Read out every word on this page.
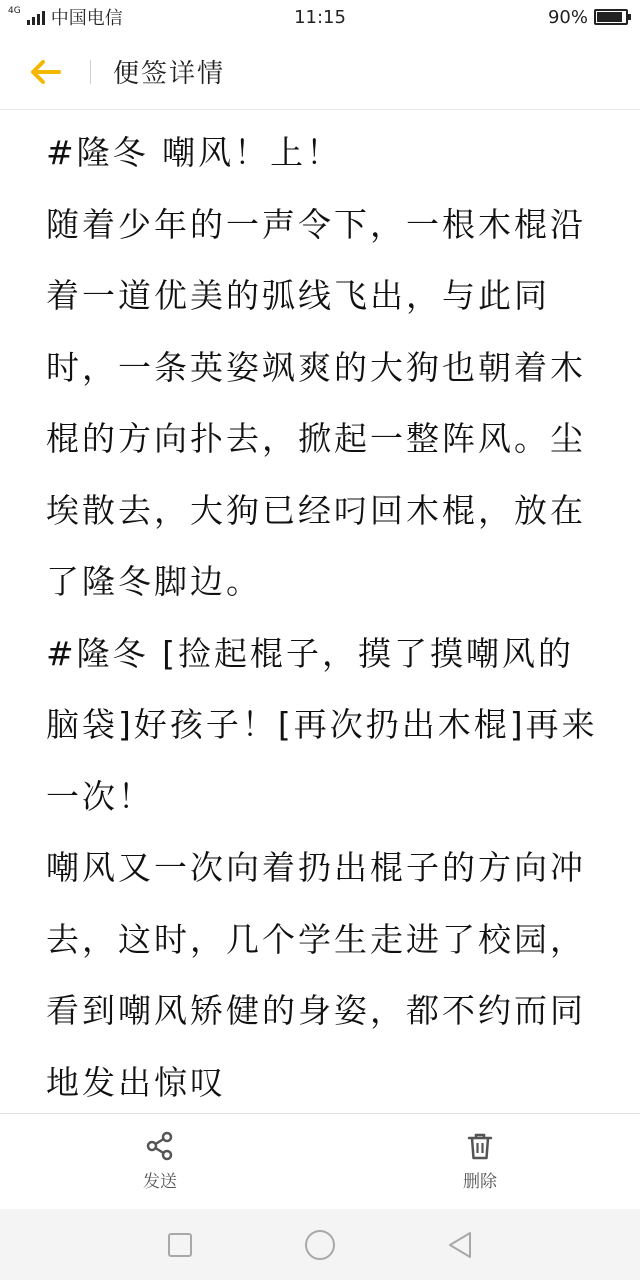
4G 中国电信	11:15	90%
便签详情

#隆冬 嘲风！上！

随着少年的一声令下，一根木棍沿着一道优美的弧线飞出，与此同时，一条英姿飒爽的大狗也朝着木棍的方向扑去，掀起一整阵风。尘埃散去，大狗已经叼回木棍，放在了隆冬脚边。

#隆冬 [捡起棍子，摸了摸嘲风的脑袋]好孩子！[再次扔出木棍]再来一次！

嘲风又一次向着扔出棍子的方向冲去，这时，几个学生走进了校园，看到嘲风矫健的身姿，都不约而同地发出惊叹

发送	删除
